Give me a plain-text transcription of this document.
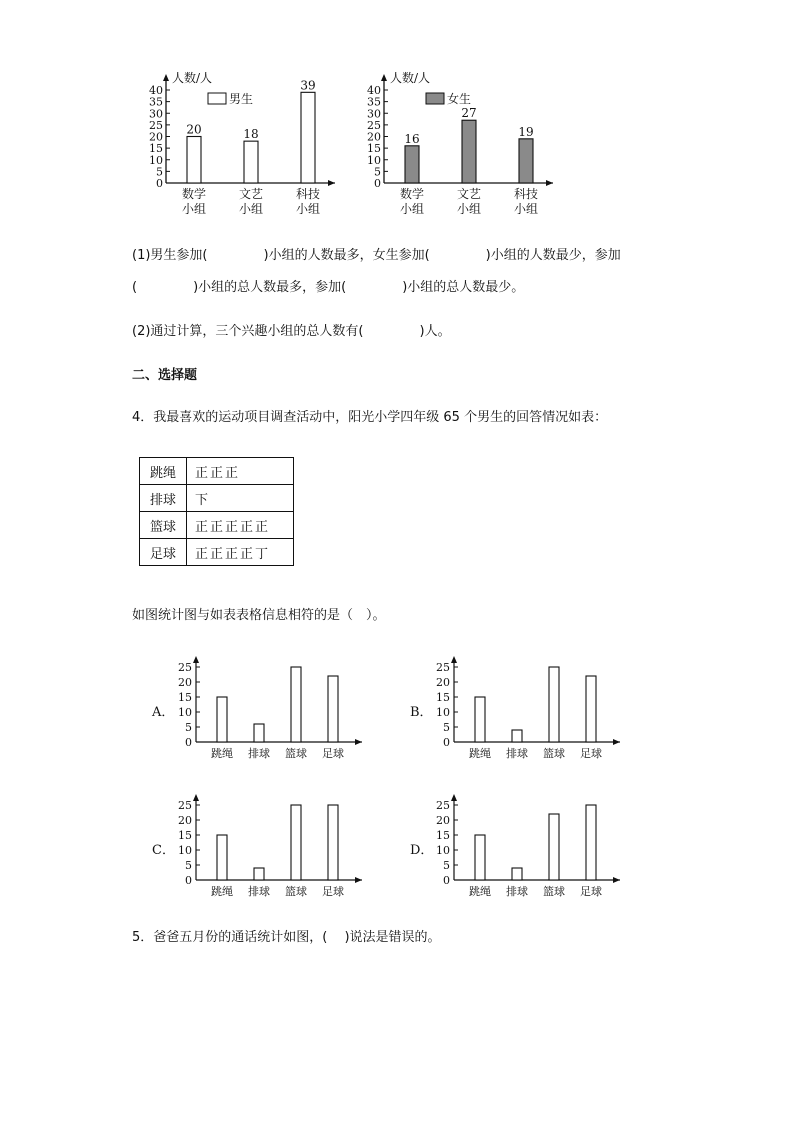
人数/人
40
35
30
25
20
15
10
5
0
男生
20
数学
小组
18
文艺
小组
39
科技
小组
人数/人
40
35
30
25
20
15
10
5
0
女生
16
数学
小组
27
文艺
小组
19
科技
小组
(1)男生参加(	)小组的人数最多，女生参加(	)小组的人数最少，参加
(	)小组的总人数最多，参加(	)小组的总人数最少。
(2)通过计算，三个兴趣小组的总人数有(	)人。
二、选择题
4．我最喜欢的运动项目调查活动中，阳光小学四年级 65 个男生的回答情况如表：
跳绳	正正正
排球	下
篮球	正正正正正
足球	正正正正丁
如图统计图与如表表格信息相符的是（　）。
A．	B．
C．	D．
25
20
15
10
5
0
跳绳 排球 篮球 足球
25
20
15
10
5
0
跳绳 排球 篮球 足球
25
20
15
10
5
0
跳绳 排球 篮球 足球
25
20
15
10
5
0
跳绳 排球 篮球 足球
5．爸爸五月份的通话统计如图，(　 )说法是错误的。
